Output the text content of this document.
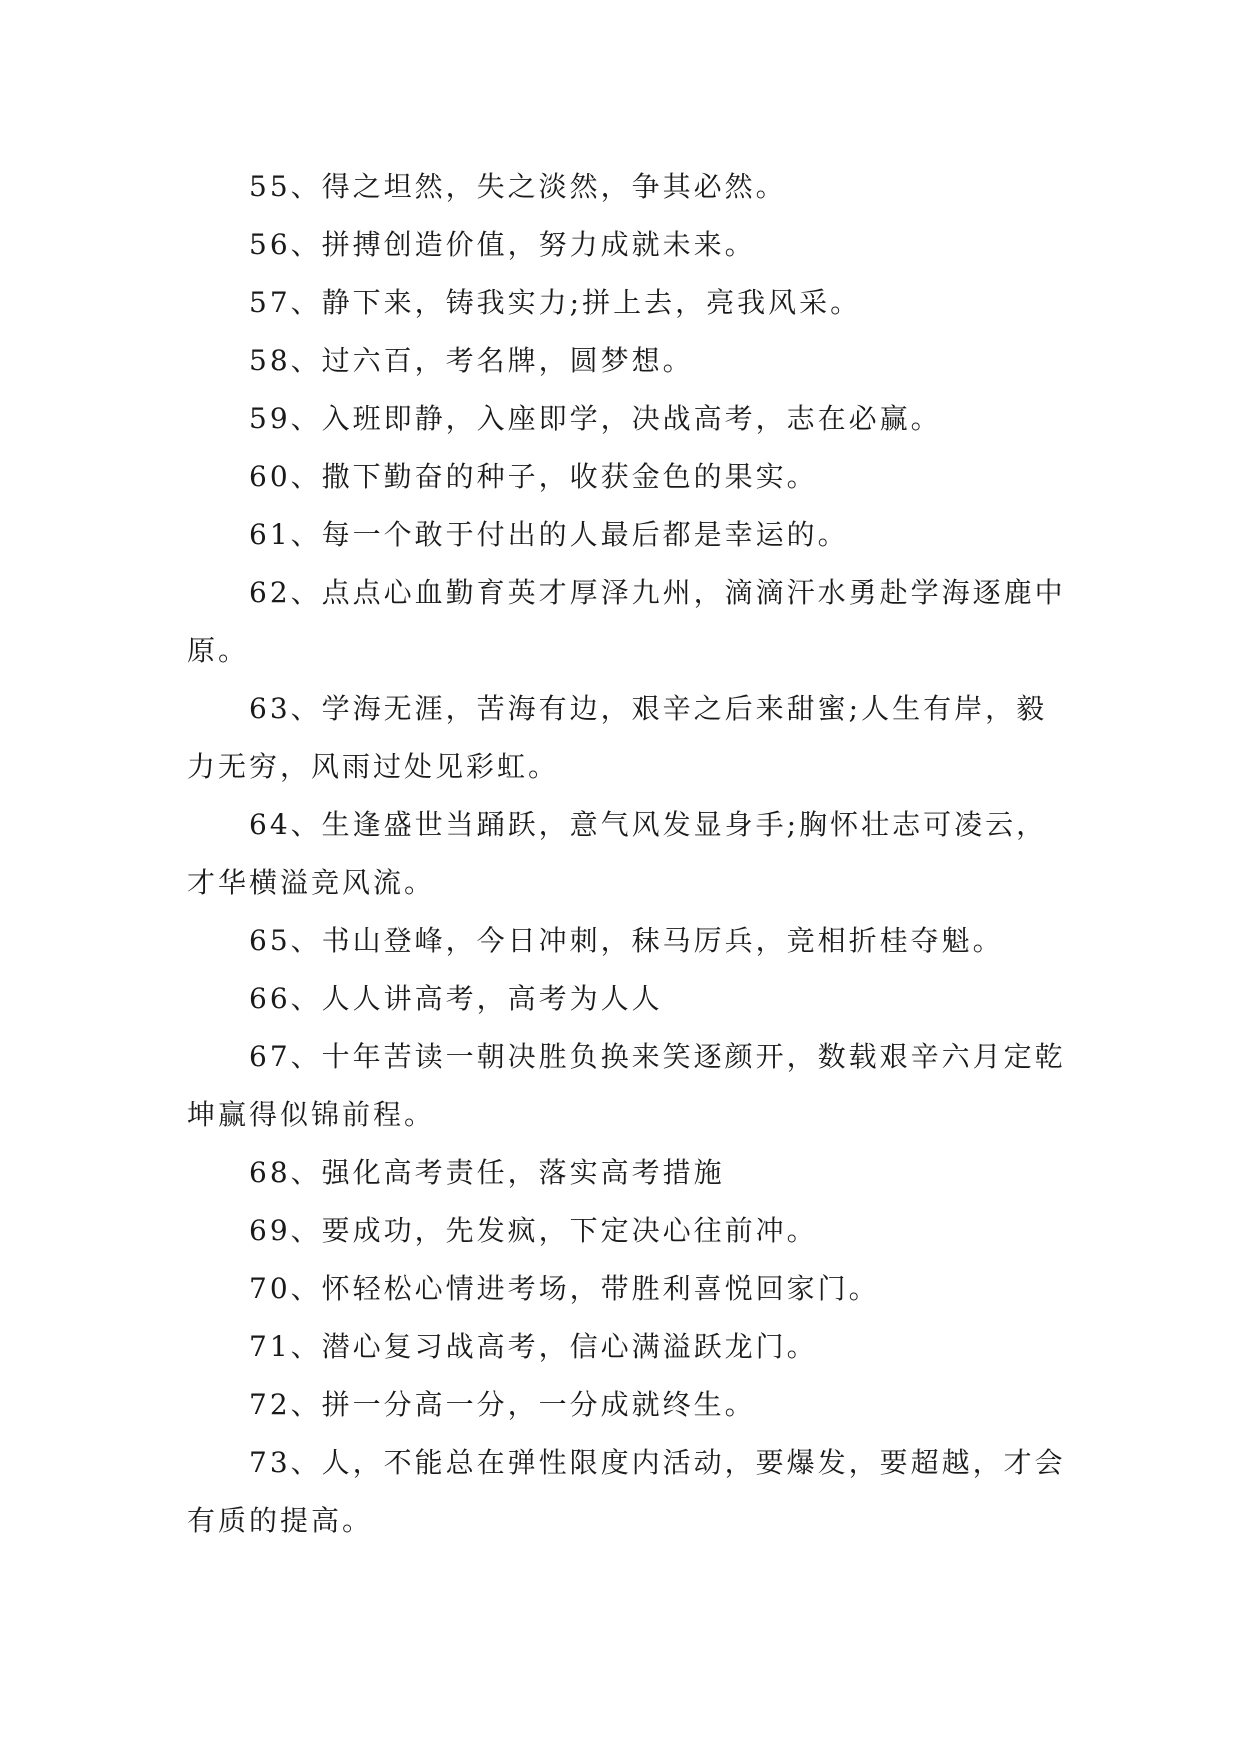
55、得之坦然，失之淡然，争其必然。

56、拼搏创造价值，努力成就未来。

57、静下来，铸我实力;拼上去，亮我风采。

58、过六百，考名牌，圆梦想。

59、入班即静，入座即学，决战高考，志在必赢。

60、撒下勤奋的种子，收获金色的果实。

61、每一个敢于付出的人最后都是幸运的。

62、点点心血勤育英才厚泽九州，滴滴汗水勇赴学海逐鹿中原。

63、学海无涯，苦海有边，艰辛之后来甜蜜;人生有岸，毅力无穷，风雨过处见彩虹。

64、生逢盛世当踊跃，意气风发显身手;胸怀壮志可凌云，才华横溢竞风流。

65、书山登峰，今日冲刺，秣马厉兵，竞相折桂夺魁。

66、人人讲高考，高考为人人

67、十年苦读一朝决胜负换来笑逐颜开，数载艰辛六月定乾坤赢得似锦前程。

68、强化高考责任，落实高考措施

69、要成功，先发疯，下定决心往前冲。

70、怀轻松心情进考场，带胜利喜悦回家门。

71、潜心复习战高考，信心满溢跃龙门。

72、拼一分高一分，一分成就终生。

73、人，不能总在弹性限度内活动，要爆发，要超越，才会有质的提高。
